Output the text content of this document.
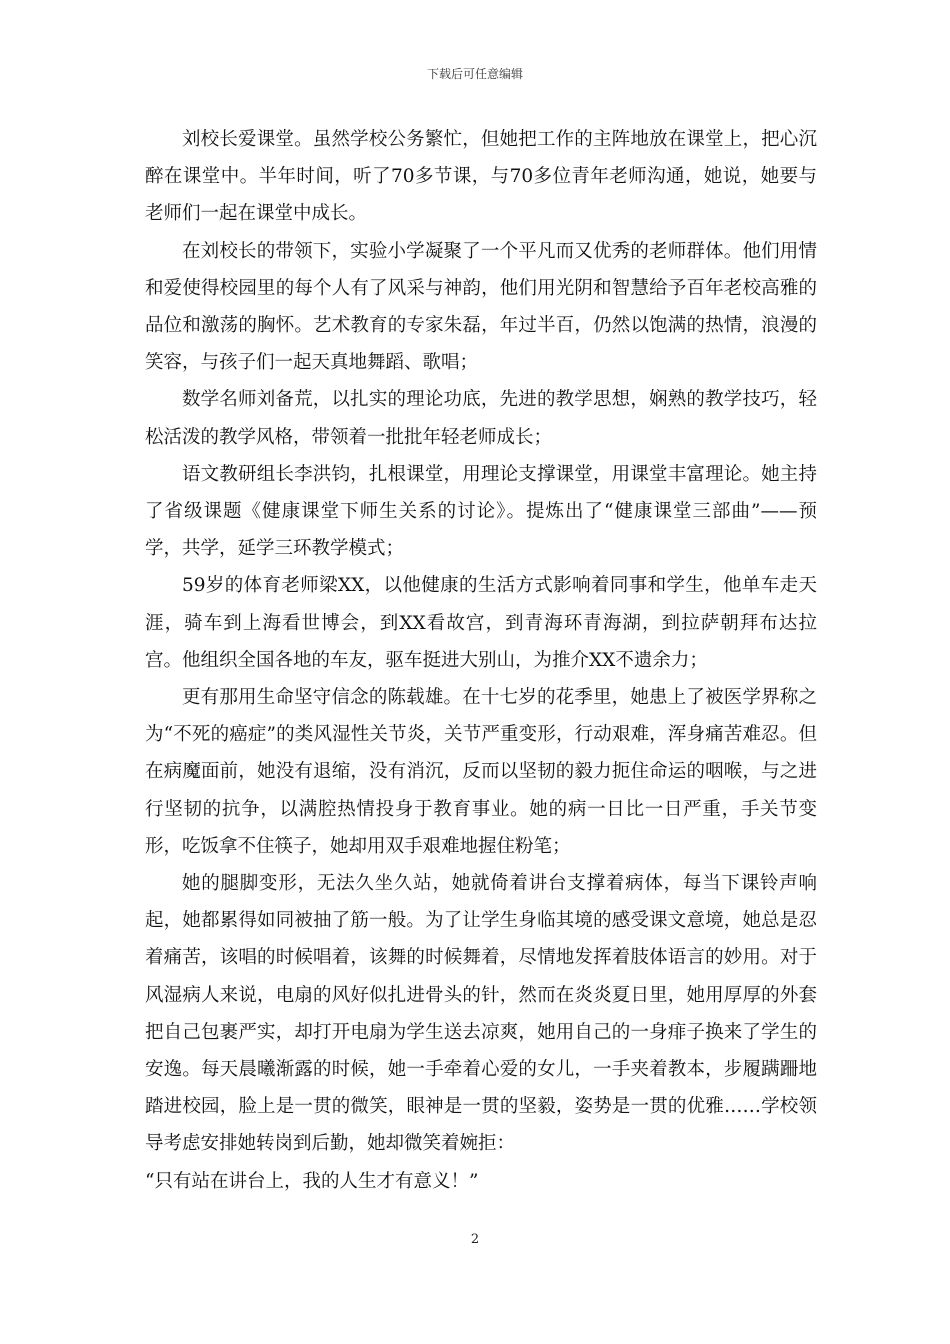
下载后可任意编辑

刘校长爱课堂。虽然学校公务繁忙，但她把工作的主阵地放在课堂上，把心沉醉在课堂中。半年时间，听了70多节课，与70多位青年老师沟通，她说，她要与老师们一起在课堂中成长。

在刘校长的带领下，实验小学凝聚了一个平凡而又优秀的老师群体。他们用情和爱使得校园里的每个人有了风采与神韵，他们用光阴和智慧给予百年老校高雅的品位和激荡的胸怀。艺术教育的专家朱磊，年过半百，仍然以饱满的热情，浪漫的笑容，与孩子们一起天真地舞蹈、歌唱；

数学名师刘备荒，以扎实的理论功底，先进的教学思想，娴熟的教学技巧，轻松活泼的教学风格，带领着一批批年轻老师成长；

语文教研组长李洪钧，扎根课堂，用理论支撑课堂，用课堂丰富理论。她主持了省级课题《健康课堂下师生关系的讨论》。提炼出了“健康课堂三部曲”——预学，共学，延学三环教学模式；

59岁的体育老师梁XX，以他健康的生活方式影响着同事和学生，他单车走天涯，骑车到上海看世博会，到XX看故宫，到青海环青海湖，到拉萨朝拜布达拉宫。他组织全国各地的车友，驱车挺进大别山，为推介XX不遗余力；

更有那用生命坚守信念的陈载雄。在十七岁的花季里，她患上了被医学界称之为“不死的癌症”的类风湿性关节炎，关节严重变形，行动艰难，浑身痛苦难忍。但在病魔面前，她没有退缩，没有消沉，反而以坚韧的毅力扼住命运的咽喉，与之进行坚韧的抗争，以满腔热情投身于教育事业。她的病一日比一日严重，手关节变形，吃饭拿不住筷子，她却用双手艰难地握住粉笔；

她的腿脚变形，无法久坐久站，她就倚着讲台支撑着病体，每当下课铃声响起，她都累得如同被抽了筋一般。为了让学生身临其境的感受课文意境，她总是忍着痛苦，该唱的时候唱着，该舞的时候舞着，尽情地发挥着肢体语言的妙用。对于风湿病人来说，电扇的风好似扎进骨头的针，然而在炎炎夏日里，她用厚厚的外套把自己包裹严实，却打开电扇为学生送去凉爽，她用自己的一身痱子换来了学生的安逸。每天晨曦渐露的时候，她一手牵着心爱的女儿，一手夹着教本，步履蹒跚地踏进校园，脸上是一贯的微笑，眼神是一贯的坚毅，姿势是一贯的优雅……学校领导考虑安排她转岗到后勤，她却微笑着婉拒：

“只有站在讲台上，我的人生才有意义！”

2
